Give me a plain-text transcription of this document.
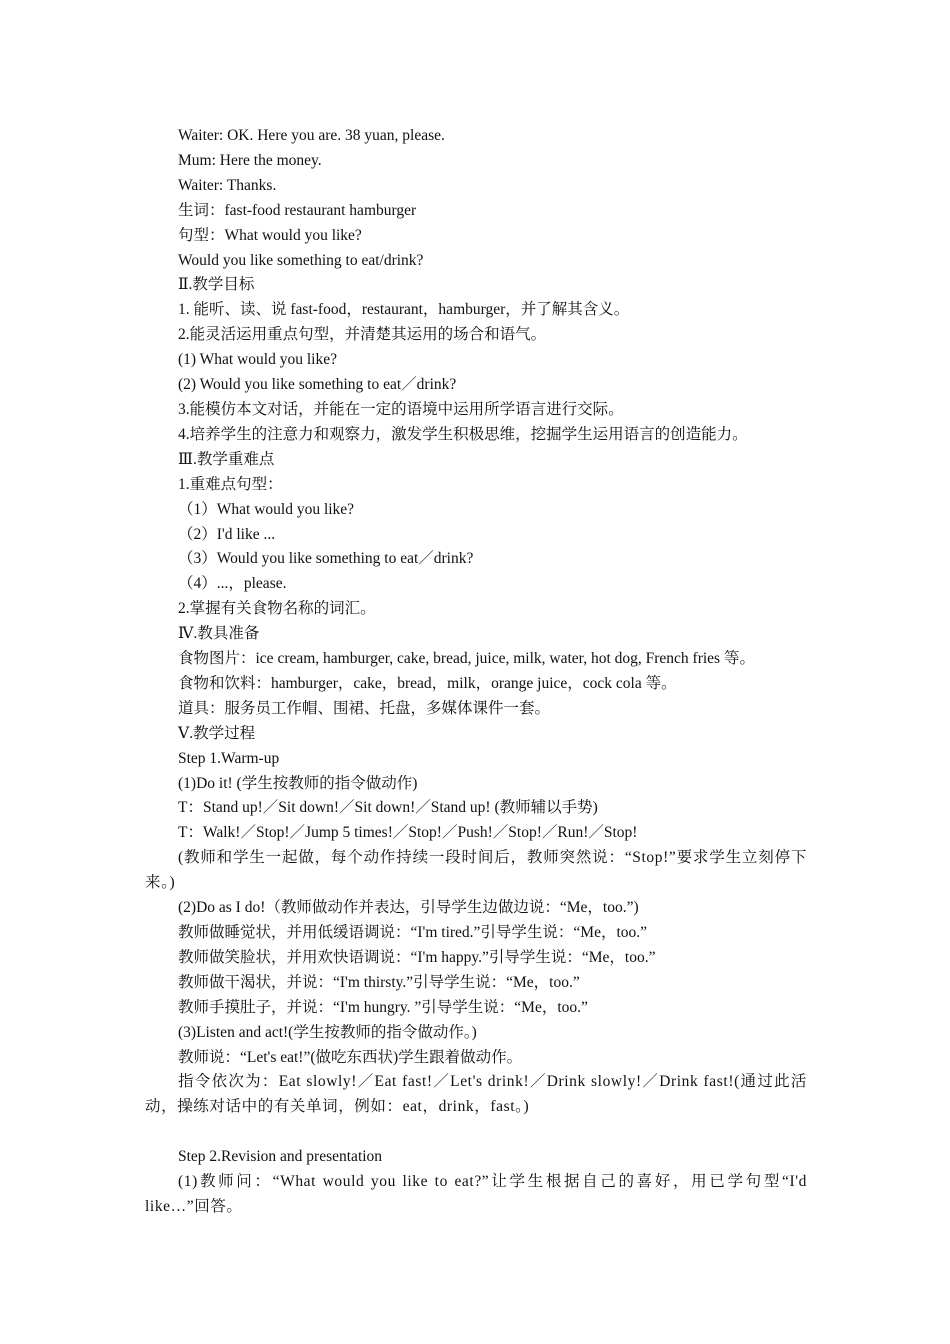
Waiter: OK. Here you are. 38 yuan, please.
Mum: Here the money.
Waiter: Thanks.
生词：fast-food restaurant hamburger
句型：What would you like?
Would you like something to eat/drink?
Ⅱ.教学目标
1. 能听、读、说 fast-food，restaurant，hamburger，并了解其含义。
2.能灵活运用重点句型，并清楚其运用的场合和语气。
(1) What would you like?
(2) Would you like something to eat／drink?
3.能模仿本文对话，并能在一定的语境中运用所学语言进行交际。
4.培养学生的注意力和观察力，激发学生积极思维，挖掘学生运用语言的创造能力。
Ⅲ.教学重难点
1.重难点句型：
（1）What would you like?
（2）I'd like ...
（3）Would you like something to eat／drink?
（4）...，please.
2.掌握有关食物名称的词汇。
Ⅳ.教具准备
食物图片：ice cream, hamburger, cake, bread, juice, milk, water, hot dog, French fries 等。
食物和饮料：hamburger，cake，bread，milk，orange juice，cock cola 等。
道具：服务员工作帽、围裙、托盘，多媒体课件一套。
Ⅴ.教学过程
Step 1.Warm-up
(1)Do it! (学生按教师的指令做动作)
T：Stand up!／Sit down!／Sit down!／Stand up! (教师辅以手势)
T：Walk!／Stop!／Jump 5 times!／Stop!／Push!／Stop!／Run!／Stop!
(教师和学生一起做，每个动作持续一段时间后，教师突然说：“Stop!”要求学生立刻停下来。)
(2)Do as I do!（教师做动作并表达，引导学生边做边说：“Me，too.”)
教师做睡觉状，并用低缓语调说：“I'm tired.”引导学生说：“Me，too.”
教师做笑脸状，并用欢快语调说：“I'm happy.”引导学生说：“Me，too.”
教师做干渴状，并说：“I'm thirsty.”引导学生说：“Me，too.”
教师手摸肚子，并说：“I'm hungry. ”引导学生说：“Me，too.”
(3)Listen and act!(学生按教师的指令做动作。)
教师说：“Let's eat!”(做吃东西状)学生跟着做动作。
指令依次为：Eat slowly!／Eat fast!／Let's drink!／Drink slowly!／Drink fast!(通过此活动，操练对话中的有关单词，例如：eat，drink，fast。)
Step 2.Revision and presentation
(1)教师问：“What would you like to eat?”让学生根据自己的喜好，用已学句型“I'd like…”回答。
